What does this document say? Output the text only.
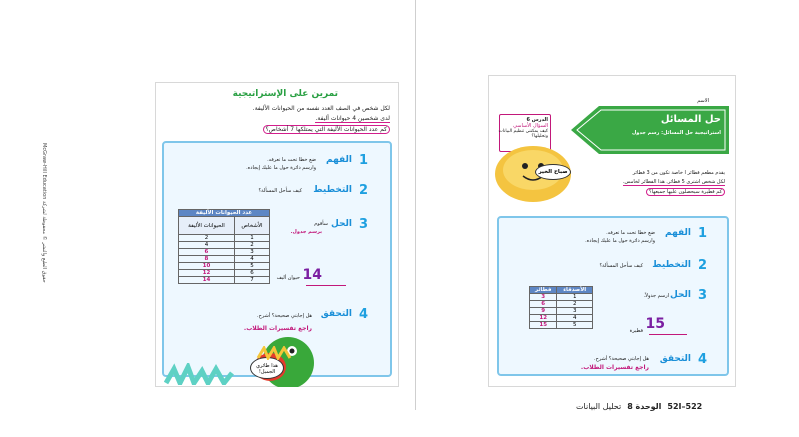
McGraw-Hill Education حقوق الطبع والنشر © محفوظة لشركة
تمرين على الإستراتيجية
لكل شخص في الصف العدد نفسه من الحيوانات الأليفة.
لدى شخصين 4 حيوانات أليفة.
كم عدد الحيوانات الأليفة التي يمتلكها 7 أشخاص؟
1
الفهم
ضع خطا تحت ما تعرفه.
وارسم دائرة حول ما عليك إيجاده.
2
التخطيط
كيف سأحل المسألة؟
3
الحل
سأقوم
برسم جدول.
عدد الحيوانات الأليفة	
الأشخاص	الحيوانات الأليفة
1	2
2	4
3	6
4	8
5	10
6	12
7	14	حيوان أليف 14
4
التحقق
هل إجابتي صحيحة؟ أشرح.
راجع تفسيرات الطلاب.
هذا طائري الجميل!
الاسم
حل المسائل
استراتيجية حل المسائل: رسم جدول
الدرس 6
السؤال الأساسي
كيف يمكنني تنظيم البيانات
وتحليلها؟
صباح الخير	يقدم مطعم فطائر ا خاصة تكون من 3 فطائر
لكل شخص اشترى 5 فطائر. هذا الفطائر لخامس.
كم فطيرة سيحصلون عليها جميعها؟
1
الفهم
ضع خطا تحت ما تعرفه.
وارسم دائرة حول ما عليك إيجاده.
2
التخطيط
كيف سأحل المسألة؟
3
الحل
ارسم جدولاً.
الأصدقاء	فطائر
1	3
2	6
3	9
4	12
5	15
فطيرة 15
4
التحقق
هل إجابتي صحيحة؟ أشرح.
راجع تفسيرات الطلاب.
522–52I
الوحدة 8
تحليل البيانات
